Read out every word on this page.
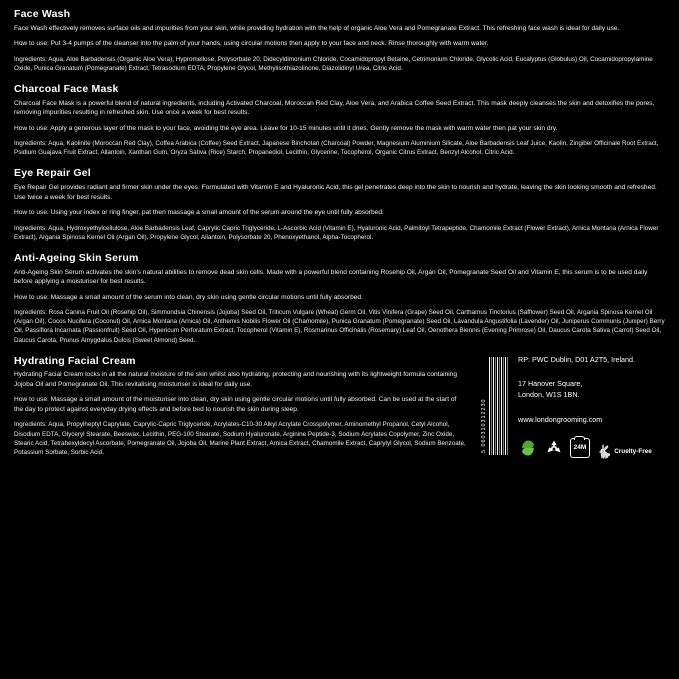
Face Wash

Face Wash effectively removes surface oils and impurities from your skin, while providing hydration with the help of organic Aloe Vera and Pomegranate Extract. This refreshing face wash is ideal for daily use.

How to use: Put 3-4 pumps of the cleanser into the palm of your hands, using circular motions then apply to your face and neck. Rinse thoroughly with warm water.

Ingredients: Aqua, Aloe Barbadensis (Organic Aloe Vera), Hypromellose, Polysorbate 20, Didecyldimonium Chloride, Cocamidopropyl Betaine, Cetrimonium Chloride, Glycolic Acid, Eucalyptus (Globulus) Oil, Cocamidopropylamine Oxide, Punica Granatum (Pomegranate) Extract, Tetrasodium EDTA, Propylene Glycol, Methylisothiazolinone, Diazolidinyl Urea, Citric Acid.

Charcoal Face Mask

Charcoal Face Mask is a powerful blend of natural ingredients, including Activated Charcoal, Moroccan Red Clay, Aloe Vera, and Arabica Coffee Seed Extract. This mask deeply cleanses the skin and detoxifies the pores, removing impurities resulting in refreshed skin. Use once a week for best results.

How to use: Apply a generous layer of the mask to your face, avoiding the eye area. Leave for 10-15 minutes until it dries. Gently remove the mask with warm water then pat your skin dry.

Ingredients: Aqua, Kaolinite (Moroccan Red Clay), Coffea Arabica (Coffee) Seed Extract, Japanese Binchotan (Charcoal) Powder, Magnesium Aluminium Silicate, Aloe Barbadensis Leaf Juice, Kaolin, Zingiber Officinale Root Extract, Psidium Guajava Fruit Extract, Allantoin, Xanthan Gum, Oryza Sativa (Rice) Starch, Propanediol, Lecithin, Glycerine, Tocopherol, Organic Citrus Extract, Benzyl Alcohol, Citric Acid.

Eye Repair Gel

Eye Repair Gel provides radiant and firmer skin under the eyes. Formulated with Vitamin E and Hyaluronic Acid, this gel penetrates deep into the skin to nourish and hydrate, leaving the skin looking smooth and refreshed. Use twice a week for best results.

How to use: Using your index or ring finger, pat then massage a small amount of the serum around the eye until fully absorbed.

Ingredients: Aqua, Hydroxyethylcellulose, Aloe Barbadensis Leaf, Caprylic Capric Triglyceride, L-Ascorbic Acid (Vitamin E), Hyaluronic Acid, Palmitoyl Tetrapeptide, Chamomile Extract (Flower Extract), Arnica Montana (Arnica Flower Extract), Argania Spinosa Kernel Oil (Argan Oil), Propylene Glycol, Allantoin, Polysorbate 20, Phenoxyethanol, Alpha-Tocopherol.

Anti-Ageing Skin Serum

Anti-Ageing Skin Serum activates the skin's natural abilities to remove dead skin cells. Made with a powerful blend containing Rosehip Oil, Argan Oil, Pomegranate Seed Oil and Vitamin E, this serum is to be used daily before applying a moisturiser for best results.

How to use: Massage a small amount of the serum into clean, dry skin using gentle circular motions until fully absorbed.

Ingredients: Rosa Canina Fruit Oil (Rosehip Oil), Simmondsia Chinensis (Jojoba) Seed Oil, Triticum Vulgare (Wheat) Germ Oil, Vitis Vinifera (Grape) Seed Oil, Carthamus Tinctorius (Safflower) Seed Oil, Argania Spinosa Kernel Oil (Argan Oil), Cocos Nucifera (Coconut) Oil, Arnica Montana (Arnica) Oil, Anthemis Nobilis Flower Oil (Chamomile), Punica Granatum (Pomegranate) Seed Oil, Lavandula Angustifolia (Lavender) Oil, Juniperus Communis (Juniper) Berry Oil, Passiflora Incarnata (Passionfruit) Seed Oil, Hypericum Perforatum Extract, Tocopherol (Vitamin E), Rosmarinus Officinalis (Rosemary) Leaf Oil, Oenothera Biennis (Evening Primrose) Oil, Daucus Carota Sativa (Carrot) Seed Oil, Daucus Carota, Prunus Amygdalus Dulcis (Sweet Almond) Seed.

Hydrating Facial Cream

Hydrating Facial Cream locks in all the natural moisture of the skin whilst also hydrating, protecting and nourishing with its lightweight formula containing Jojoba Oil and Pomegranate Oil. This revitalising moisturiser is ideal for daily use.

How to use: Massage a small amount of the moisturiser into clean, dry skin using gentle circular motions until fully absorbed. Can be used at the start of the day to protect against everyday drying effects and before bed to nourish the skin during sleep.

Ingredients: Aqua, Propylheptyl Caprylate, Caprylic-Capric Triglyceride, Acrylates-C10-30 Alkyl Acrylate Crosspolymer, Aminomethyl Propanol, Cetyl Alcohol, Disodium EDTA, Glyceryl Stearate, Beeswax, Lecithin, PEG-100 Stearate, Sodium Hyaluronate, Arginine Peptide-3, Sodium Acrylates Copolymer, Zinc Oxide, Stearic Acid, Tetrahexyldecyl Ascorbate, Pomegranate Oil, Jojoba Oil, Marine Plant Extract, Arnica Extract, Chamomile Extract, Caprylyl Glycol, Sodium Benzoate, Potassium Sorbate, Sorbic Acid.	5 060310312230

RP: PWC Dublin, D01 A2T5, Ireland.

17 Hanover Square,

London, W1S 1BN.

www.londongrooming.com

24M 🐇 Cruelty-Free
